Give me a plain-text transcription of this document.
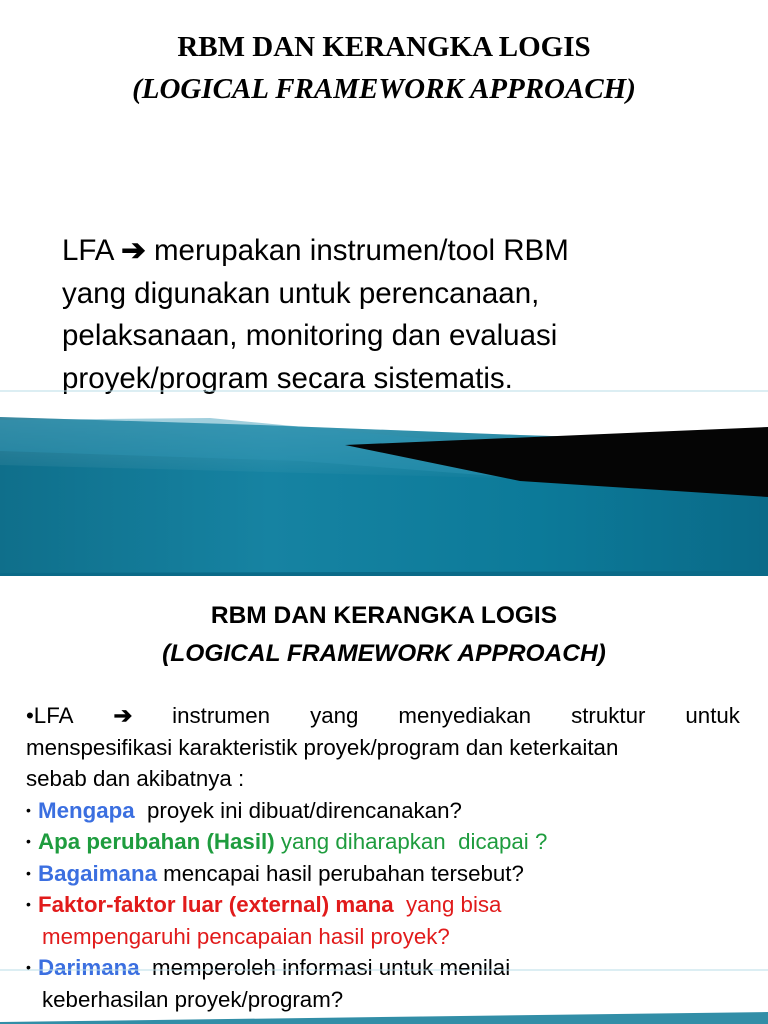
RBM DAN KERANGKA LOGIS
(LOGICAL FRAMEWORK APPROACH)
LFA ➔ merupakan instrumen/tool RBM
yang digunakan untuk perencanaan,
pelaksanaan, monitoring dan evaluasi
proyek/program secara sistematis.
RBM DAN KERANGKA LOGIS
(LOGICAL FRAMEWORK APPROACH)
•LFA ➔ instrumen yang menyediakan struktur untuk
menspesifikasi karakteristik proyek/program dan keterkaitan
sebab dan akibatnya :
• Mengapa  proyek ini dibuat/direncanakan?
• Apa perubahan (Hasil) yang diharapkan  dicapai ?
• Bagaimana mencapai hasil perubahan tersebut?
• Faktor-faktor luar (external) mana  yang bisa
mempengaruhi pencapaian hasil proyek?
• Darimana  memperoleh informasi untuk menilai
keberhasilan proyek/program?
